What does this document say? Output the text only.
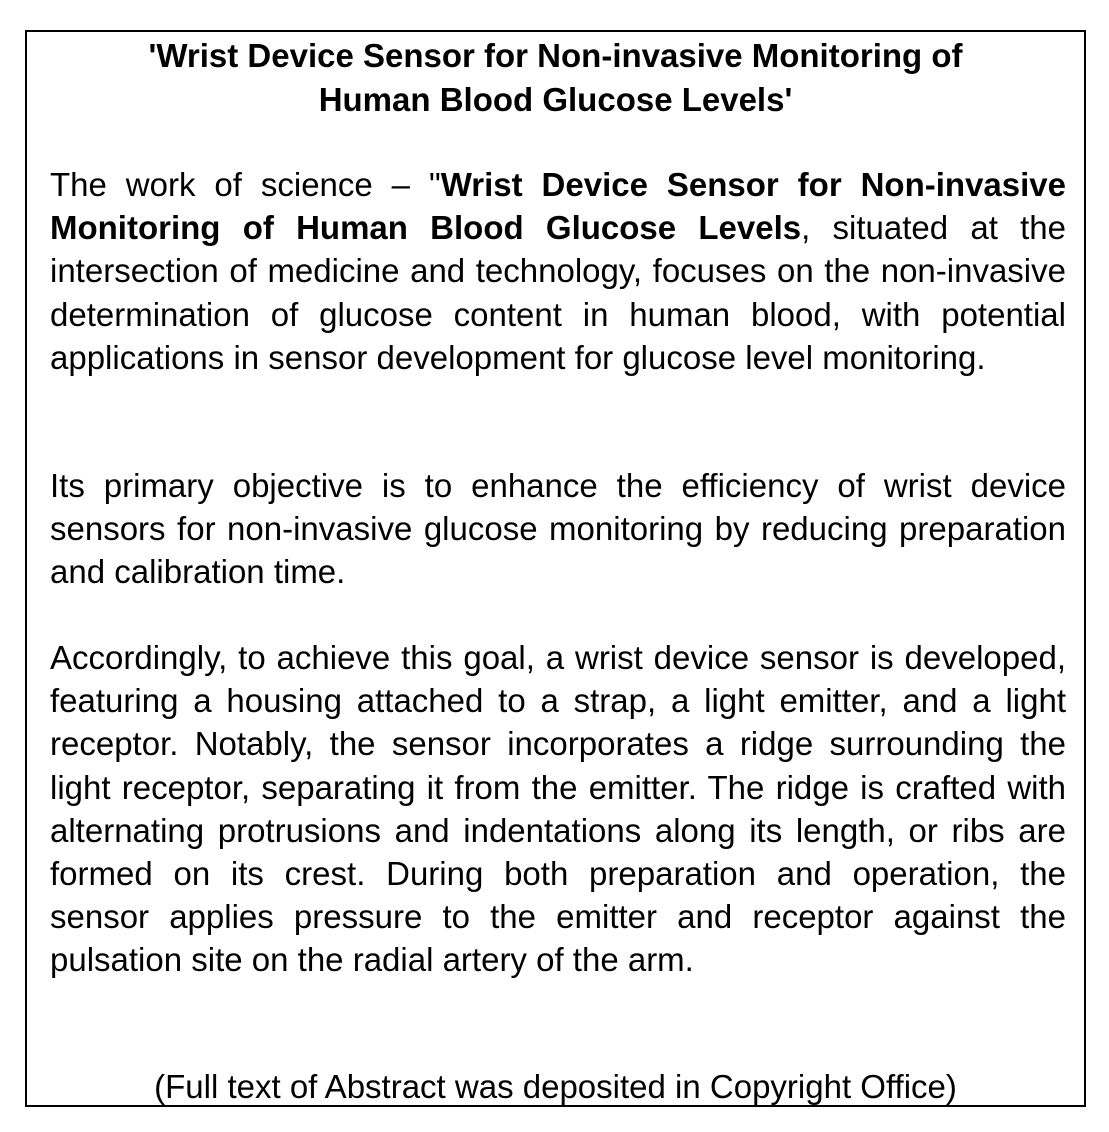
'Wrist Device Sensor for Non-invasive Monitoring of
Human Blood Glucose Levels'

The work of science – "Wrist Device Sensor for Non-invasive Monitoring of Human Blood Glucose Levels, situated at the intersection of medicine and technology, focuses on the non-invasive determination of glucose content in human blood, with potential applications in sensor development for glucose level monitoring.

Its primary objective is to enhance the efficiency of wrist device sensors for non-invasive glucose monitoring by reducing preparation and calibration time.

Accordingly, to achieve this goal, a wrist device sensor is developed, featuring a housing attached to a strap, a light emitter, and a light receptor. Notably, the sensor incorporates a ridge surrounding the light receptor, separating it from the emitter. The ridge is crafted with alternating protrusions and indentations along its length, or ribs are formed on its crest. During both preparation and operation, the sensor applies pressure to the emitter and receptor against the pulsation site on the radial artery of the arm.

(Full text of Abstract was deposited in Copyright Office)
